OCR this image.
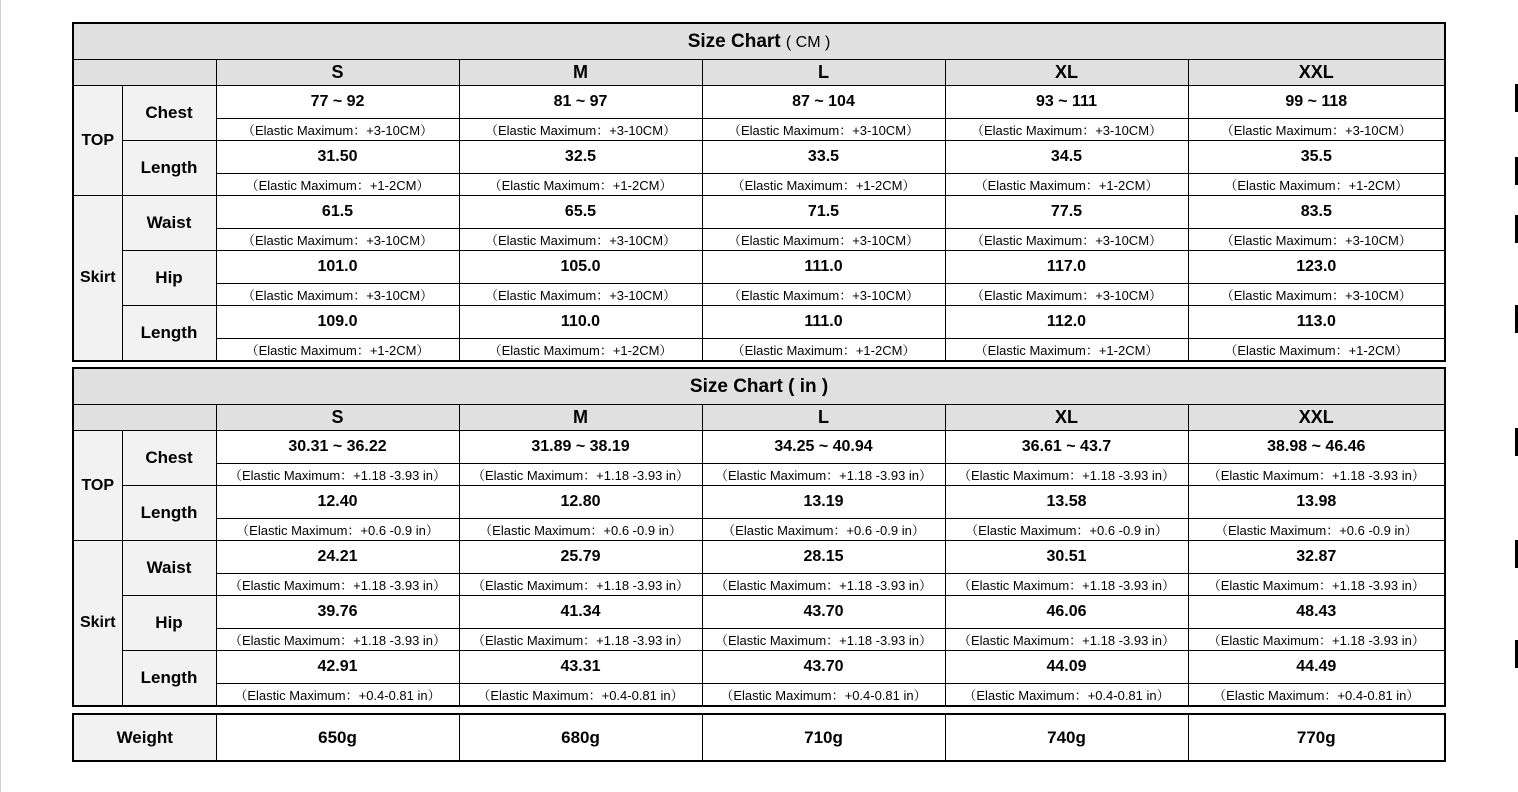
Size Chart ( CM )						
		S	M	L	XL	XXL
TOP	Chest	77 ~ 92	81 ~ 97	87 ~ 104	93 ~ 111	99 ~ 118
		（Elastic Maximum：+3-10CM）	（Elastic Maximum：+3-10CM）	（Elastic Maximum：+3-10CM）	（Elastic Maximum：+3-10CM）	（Elastic Maximum：+3-10CM）
	Length	31.50	32.5	33.5	34.5	35.5
		（Elastic Maximum：+1-2CM）	（Elastic Maximum：+1-2CM）	（Elastic Maximum：+1-2CM）	（Elastic Maximum：+1-2CM）	（Elastic Maximum：+1-2CM）
Skirt	Waist	61.5	65.5	71.5	77.5	83.5
		（Elastic Maximum：+3-10CM）	（Elastic Maximum：+3-10CM）	（Elastic Maximum：+3-10CM）	（Elastic Maximum：+3-10CM）	（Elastic Maximum：+3-10CM）
	Hip	101.0	105.0	111.0	117.0	123.0
		（Elastic Maximum：+3-10CM）	（Elastic Maximum：+3-10CM）	（Elastic Maximum：+3-10CM）	（Elastic Maximum：+3-10CM）	（Elastic Maximum：+3-10CM）
	Length	109.0	110.0	111.0	112.0	113.0
		（Elastic Maximum：+1-2CM）	（Elastic Maximum：+1-2CM）	（Elastic Maximum：+1-2CM）	（Elastic Maximum：+1-2CM）	（Elastic Maximum：+1-2CM）
Size Chart ( in )						
		S	M	L	XL	XXL
TOP	Chest	30.31 ~ 36.22	31.89 ~ 38.19	34.25 ~ 40.94	36.61 ~ 43.7	38.98 ~ 46.46
		（Elastic Maximum：+1.18 -3.93 in）	（Elastic Maximum：+1.18 -3.93 in）	（Elastic Maximum：+1.18 -3.93 in）	（Elastic Maximum：+1.18 -3.93 in）	（Elastic Maximum：+1.18 -3.93 in）
	Length	12.40	12.80	13.19	13.58	13.98
		（Elastic Maximum：+0.6 -0.9 in）	（Elastic Maximum：+0.6 -0.9 in）	（Elastic Maximum：+0.6 -0.9 in）	（Elastic Maximum：+0.6 -0.9 in）	（Elastic Maximum：+0.6 -0.9 in）
Skirt	Waist	24.21	25.79	28.15	30.51	32.87
		（Elastic Maximum：+1.18 -3.93 in）	（Elastic Maximum：+1.18 -3.93 in）	（Elastic Maximum：+1.18 -3.93 in）	（Elastic Maximum：+1.18 -3.93 in）	（Elastic Maximum：+1.18 -3.93 in）
	Hip	39.76	41.34	43.70	46.06	48.43
		（Elastic Maximum：+1.18 -3.93 in）	（Elastic Maximum：+1.18 -3.93 in）	（Elastic Maximum：+1.18 -3.93 in）	（Elastic Maximum：+1.18 -3.93 in）	（Elastic Maximum：+1.18 -3.93 in）
	Length	42.91	43.31	43.70	44.09	44.49
		（Elastic Maximum：+0.4-0.81 in）	（Elastic Maximum：+0.4-0.81 in）	（Elastic Maximum：+0.4-0.81 in）	（Elastic Maximum：+0.4-0.81 in）	（Elastic Maximum：+0.4-0.81 in）
Weight	650g	680g	710g	740g	770g
